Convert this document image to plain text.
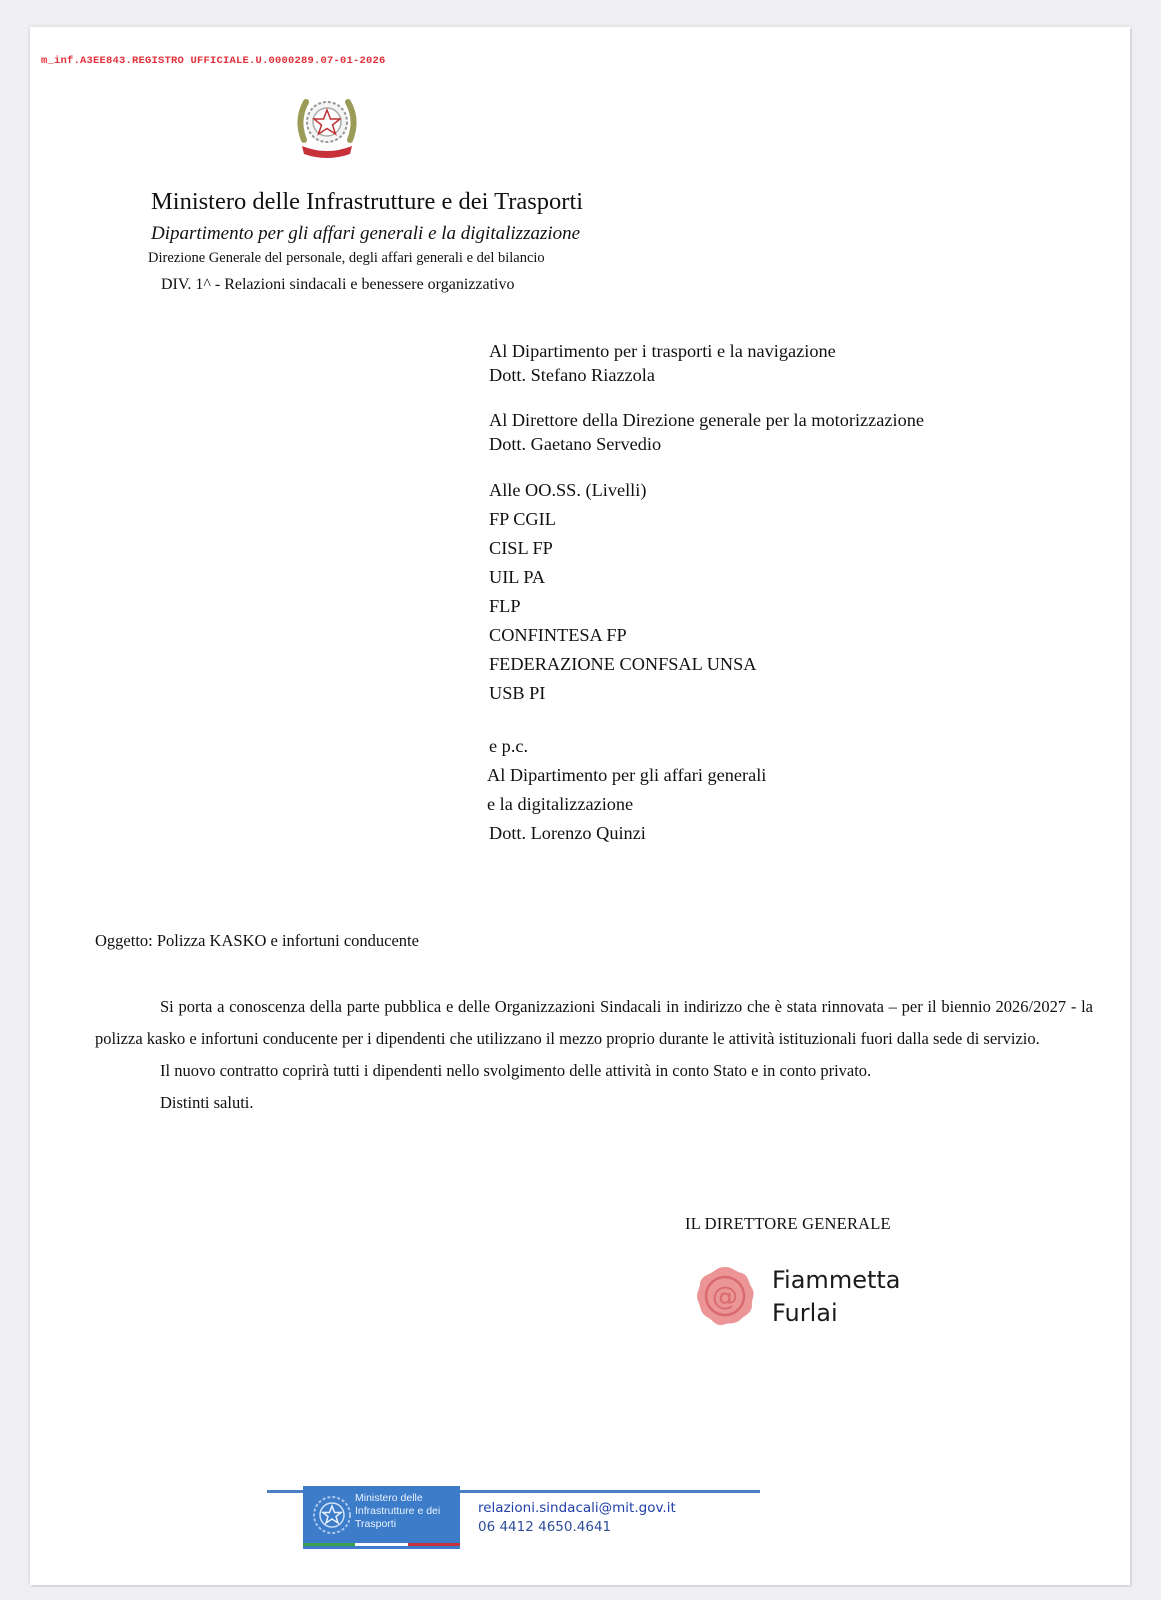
m_inf.A3EE843.REGISTRO UFFICIALE.U.0000289.07-01-2026
Ministero delle Infrastrutture e dei Trasporti
Dipartimento per gli affari generali e la digitalizzazione
Direzione Generale del personale, degli affari generali e del bilancio
DIV. 1^ - Relazioni sindacali e benessere organizzativo
Al Dipartimento per i trasporti e la navigazione
Dott. Stefano Riazzola
Al Direttore della Direzione generale per la motorizzazione
Dott. Gaetano Servedio
Alle OO.SS. (Livelli)
FP CGIL
CISL FP
UIL PA
FLP
CONFINTESA FP
FEDERAZIONE CONFSAL UNSA
USB PI
e p.c.
Al Dipartimento per gli affari generali
e la digitalizzazione
Dott. Lorenzo Quinzi
Oggetto: Polizza KASKO e infortuni conducente

Si porta a conoscenza della parte pubblica e delle Organizzazioni Sindacali in indirizzo che è stata rinnovata – per il biennio 2026/2027 - la polizza kasko e infortuni conducente per i dipendenti che utilizzano il mezzo proprio durante le attività istituzionali fuori dalla sede di servizio.

Il nuovo contratto coprirà tutti i dipendenti nello svolgimento delle attività in conto Stato e in conto privato.

Distinti saluti.

IL DIRETTORE GENERALE
@
Fiammetta
Furlai
Ministero delle
Infrastrutture e dei
Trasporti
relazioni.sindacali@mit.gov.it
06 4412 4650.4641
